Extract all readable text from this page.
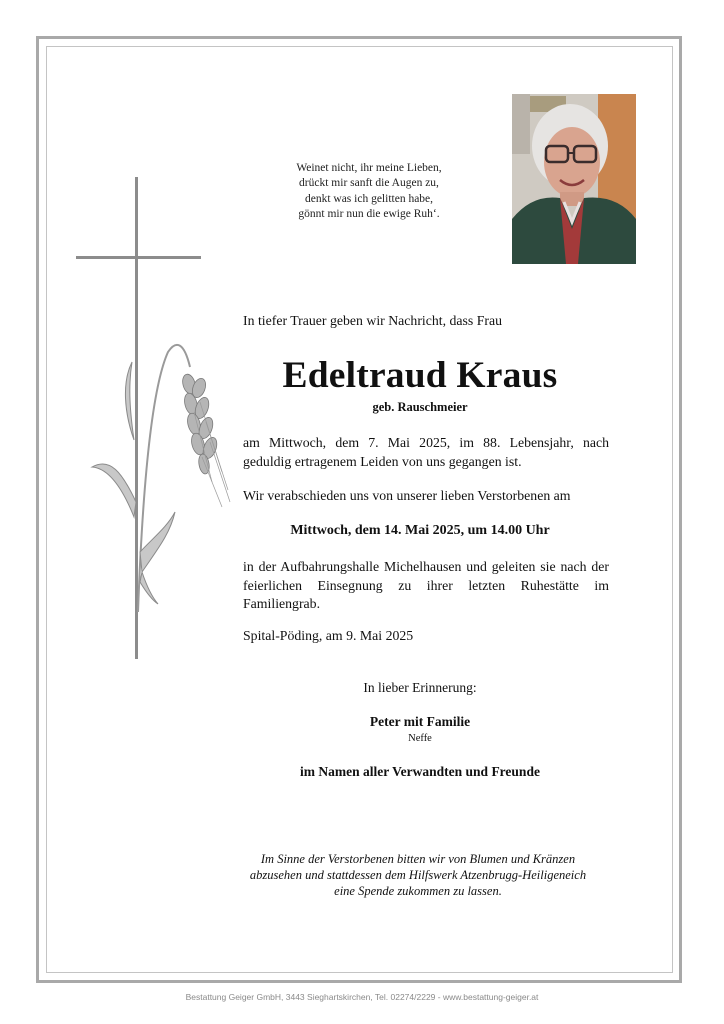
Weinet nicht, ihr meine Lieben,
drückt mir sanft die Augen zu,
denkt was ich gelitten habe,
gönnt mir nun die ewige Ruh‘.
In tiefer Trauer geben wir Nachricht, dass Frau
Edeltraud Kraus
geb. Rauschmeier
am Mittwoch, dem 7. Mai 2025, im 88. Lebensjahr, nach geduldig ertragenem Leiden von uns gegangen ist.
Wir verabschieden uns von unserer lieben Verstorbenen am
Mittwoch, dem 14. Mai 2025, um 14.00 Uhr
in der Aufbahrungshalle Michelhausen und geleiten sie nach der feierlichen Einsegnung zu ihrer letzten Ruhestätte im Familiengrab.
Spital-Pöding, am 9. Mai 2025
In lieber Erinnerung:
Peter mit Familie
Neffe
im Namen aller Verwandten und Freunde
Im Sinne der Verstorbenen bitten wir von Blumen und Kränzen
abzusehen und stattdessen dem Hilfswerk Atzenbrugg-Heiligeneich
eine Spende zukommen zu lassen.
Bestattung Geiger GmbH, 3443 Sieghartskirchen, Tel. 02274/2229 - www.bestattung-geiger.at
